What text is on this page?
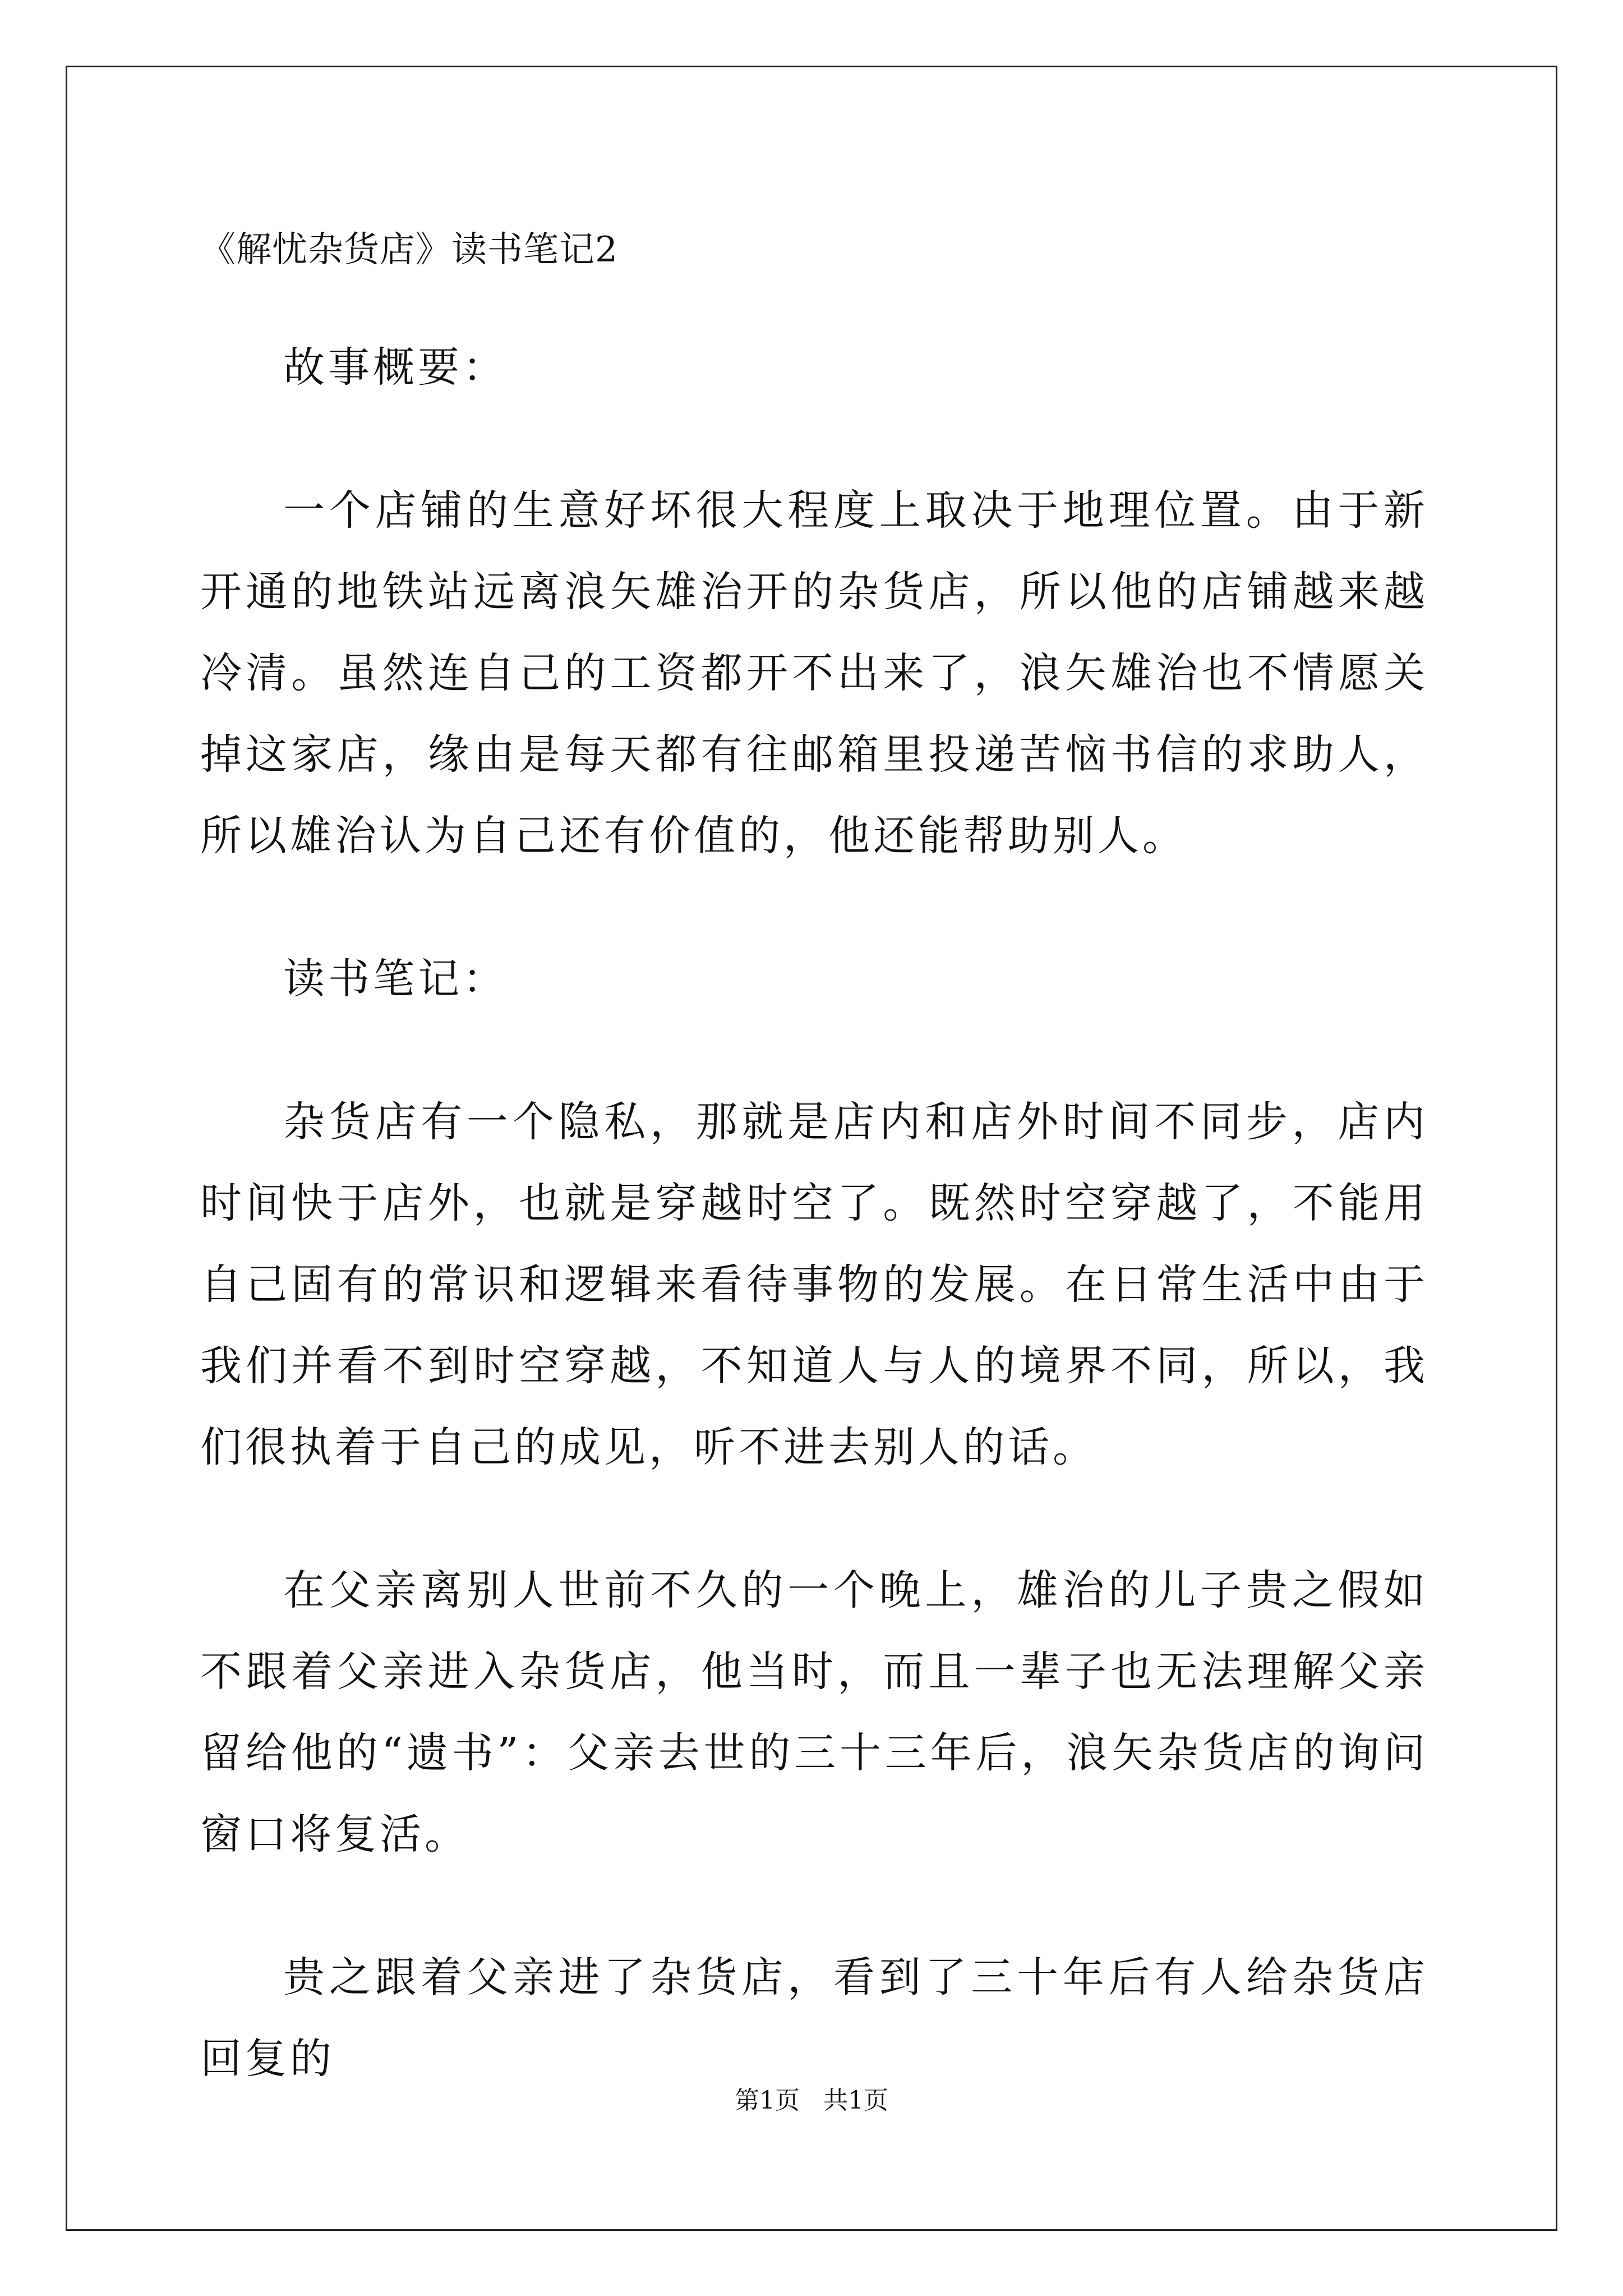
《解忧杂货店》读书笔记2
故事概要：

一个店铺的生意好坏很大程度上取决于地理位置。由于新开通的地铁站远离浪矢雄治开的杂货店，所以他的店铺越来越冷清。虽然连自己的工资都开不出来了，浪矢雄治也不情愿关掉这家店，缘由是每天都有往邮箱里投递苦恼书信的求助人，所以雄治认为自己还有价值的，他还能帮助别人。

读书笔记：

杂货店有一个隐私，那就是店内和店外时间不同步，店内时间快于店外，也就是穿越时空了。既然时空穿越了，不能用自己固有的常识和逻辑来看待事物的发展。在日常生活中由于我们并看不到时空穿越，不知道人与人的境界不同，所以，我们很执着于自己的成见，听不进去别人的话。

在父亲离别人世前不久的一个晚上，雄治的儿子贵之假如不跟着父亲进入杂货店，他当时，而且一辈子也无法理解父亲留给他的“遗书”：父亲去世的三十三年后，浪矢杂货店的询问窗口将复活。

贵之跟着父亲进了杂货店，看到了三十年后有人给杂货店回复的

第1页   共1页
